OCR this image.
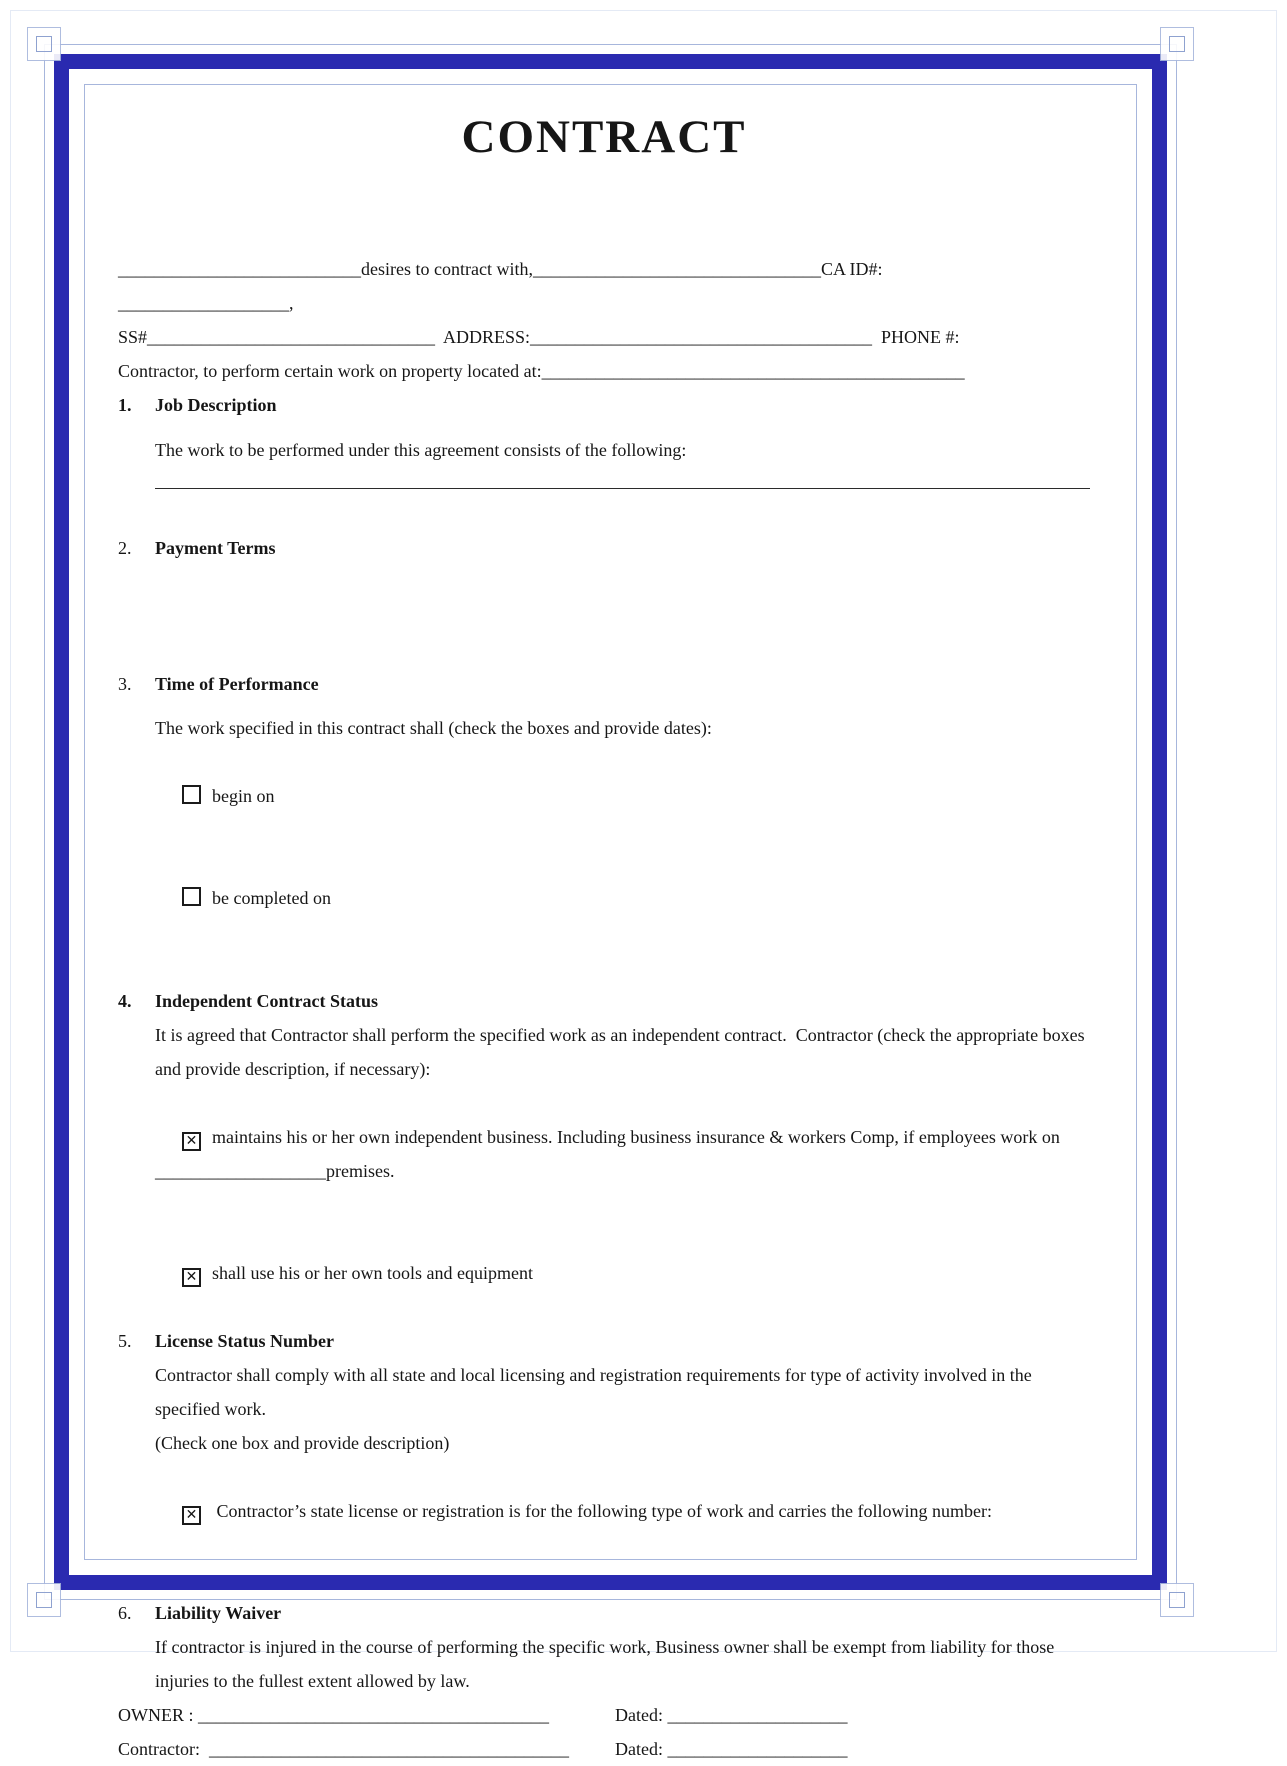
CONTRACT

___________________________desires to contract with,________________________________CA ID#:

___________________,

SS#________________________________  ADDRESS:______________________________________  PHONE #:

Contractor, to perform certain work on property located at:_______________________________________________

1. Job Description

The work to be performed under this agreement consists of the following:

2. Payment Terms
3. Time of Performance

The work specified in this contract shall (check the boxes and provide dates):

begin on

be completed on

4. Independent Contract Status

It is agreed that Contractor shall perform the specified work as an independent contract.  Contractor (check the appropriate boxes and provide description, if necessary):

✕ maintains his or her own independent business. Including business insurance & workers Comp, if employees work on ___________________premises.

✕ shall use his or her own tools and equipment

5. License Status Number

Contractor shall comply with all state and local licensing and registration requirements for type of activity involved in the specified work.

(Check one box and provide description)

✕ Contractor’s state license or registration is for the following type of work and carries the following number:

6. Liability Waiver

If contractor is injured in the course of performing the specific work, Business owner shall be exempt from liability for those injuries to the fullest extent allowed by law.

OWNER : _______________________________________	Dated: ____________________
Contractor:  ________________________________________	Dated: ____________________
